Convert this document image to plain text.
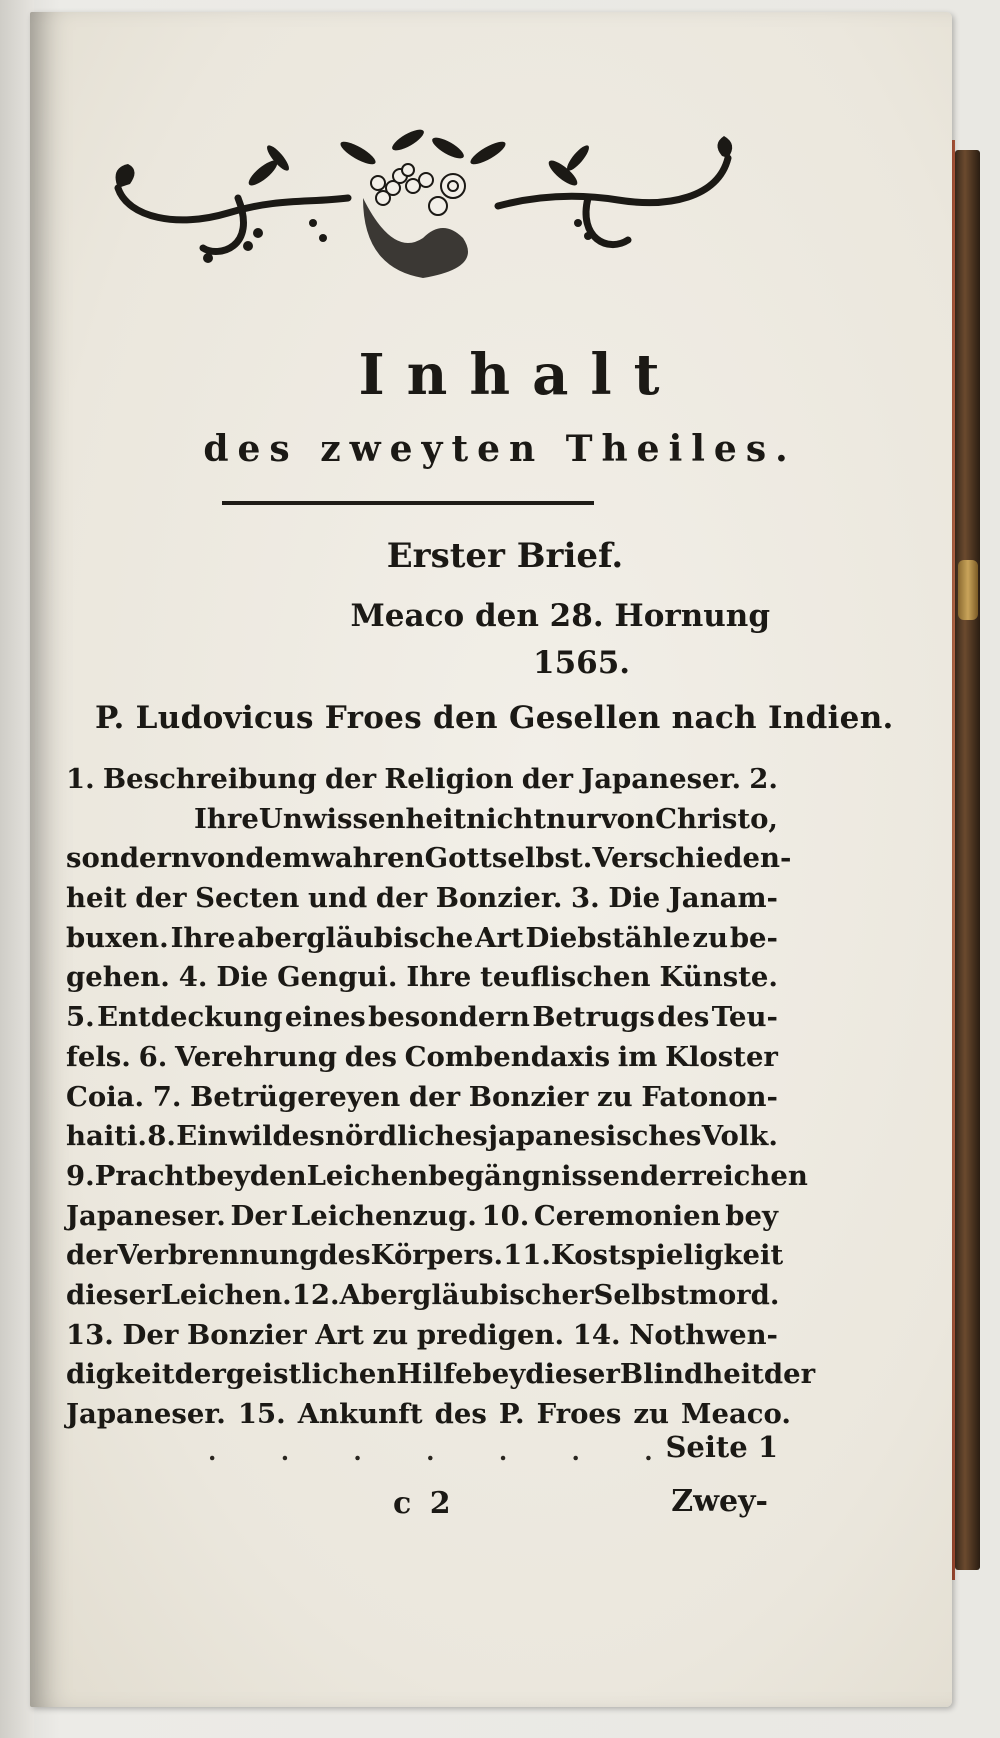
Inhalt
des zweyten Theiles.
Erster Brief.
Meaco den 28. Hornung
1565.
P. Ludovicus Froes den Gesellen nach Indien.
1. Beschreibung der Religion der Japaneser. 2.
Ihre Unwissenheit nicht nur von Christo,
sondern von dem wahren Gott selbst. Verschieden-
heit der Secten und der Bonzier. 3. Die Janam-
buxen. Ihre abergläubische Art Diebstähle zu be-
gehen. 4. Die Gengui. Ihre teuflischen Künste.
5. Entdeckung eines besondern Betrugs des Teu-
fels. 6. Verehrung des Combendaxis im Kloster
Coia. 7. Betrügereyen der Bonzier zu Fatonon-
haiti. 8. Ein wildes nördliches japanesisches Volk.
9. Pracht bey den Leichenbegängnissen der reichen
Japaneser. Der Leichenzug. 10. Ceremonien bey
der Verbrennung des Körpers. 11. Kostspieligkeit
dieser Leichen. 12. Abergläubischer Selbstmord.
13. Der Bonzier Art zu predigen. 14. Nothwen-
digkeit der geistlichen Hilfe bey dieser Blindheit der
Japaneser. 15. Ankunft des P. Froes zu Meaco.
. . . . . . .
Seite 1
c 2	Zwey-
